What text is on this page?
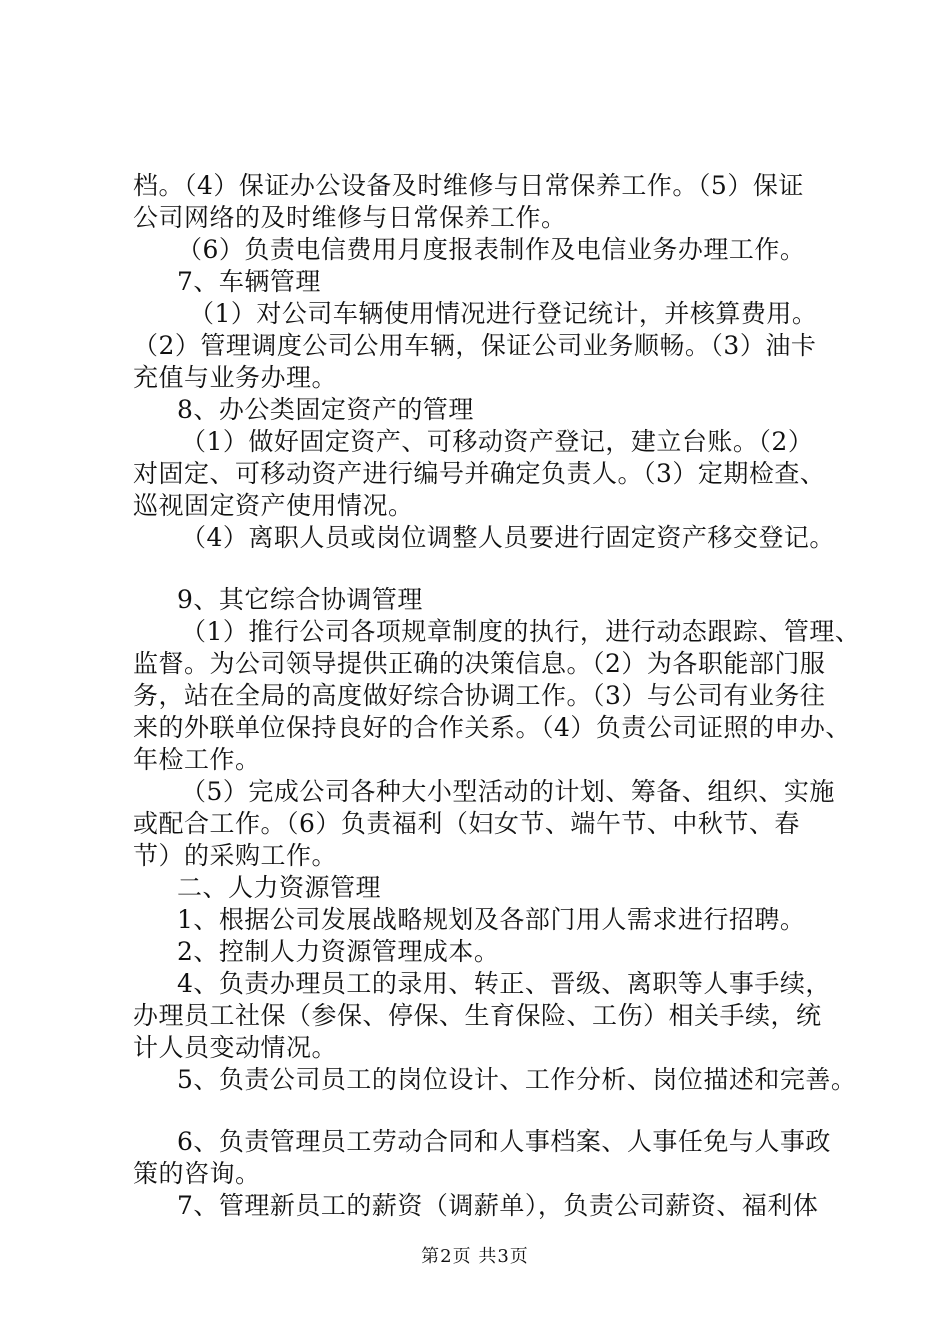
档。（4）保证办公设备及时维修与日常保养工作。（5）保证
公司网络的及时维修与日常保养工作。
（6）负责电信费用月度报表制作及电信业务办理工作。
7、车辆管理
（1）对公司车辆使用情况进行登记统计，并核算费用。
（2）管理调度公司公用车辆，保证公司业务顺畅。（3）油卡
充值与业务办理。
8、办公类固定资产的管理
（1）做好固定资产、可移动资产登记，建立台账。（2）
对固定、可移动资产进行编号并确定负责人。（3）定期检查、
巡视固定资产使用情况。
（4）离职人员或岗位调整人员要进行固定资产移交登记。
9、其它综合协调管理
（1）推行公司各项规章制度的执行，进行动态跟踪、管理、
监督。为公司领导提供正确的决策信息。（2）为各职能部门服
务，站在全局的高度做好综合协调工作。（3）与公司有业务往
来的外联单位保持良好的合作关系。（4）负责公司证照的申办、
年检工作。
（5）完成公司各种大小型活动的计划、筹备、组织、实施
或配合工作。（6）负责福利（妇女节、端午节、中秋节、春
节）的采购工作。
二、人力资源管理
1、根据公司发展战略规划及各部门用人需求进行招聘。
2、控制人力资源管理成本。
4、负责办理员工的录用、转正、晋级、离职等人事手续，
办理员工社保（参保、停保、生育保险、工伤）相关手续，统
计人员变动情况。
5、负责公司员工的岗位设计、工作分析、岗位描述和完善。
6、负责管理员工劳动合同和人事档案、人事任免与人事政
策的咨询。
7、管理新员工的薪资（调薪单），负责公司薪资、福利体
第2页 共3页
